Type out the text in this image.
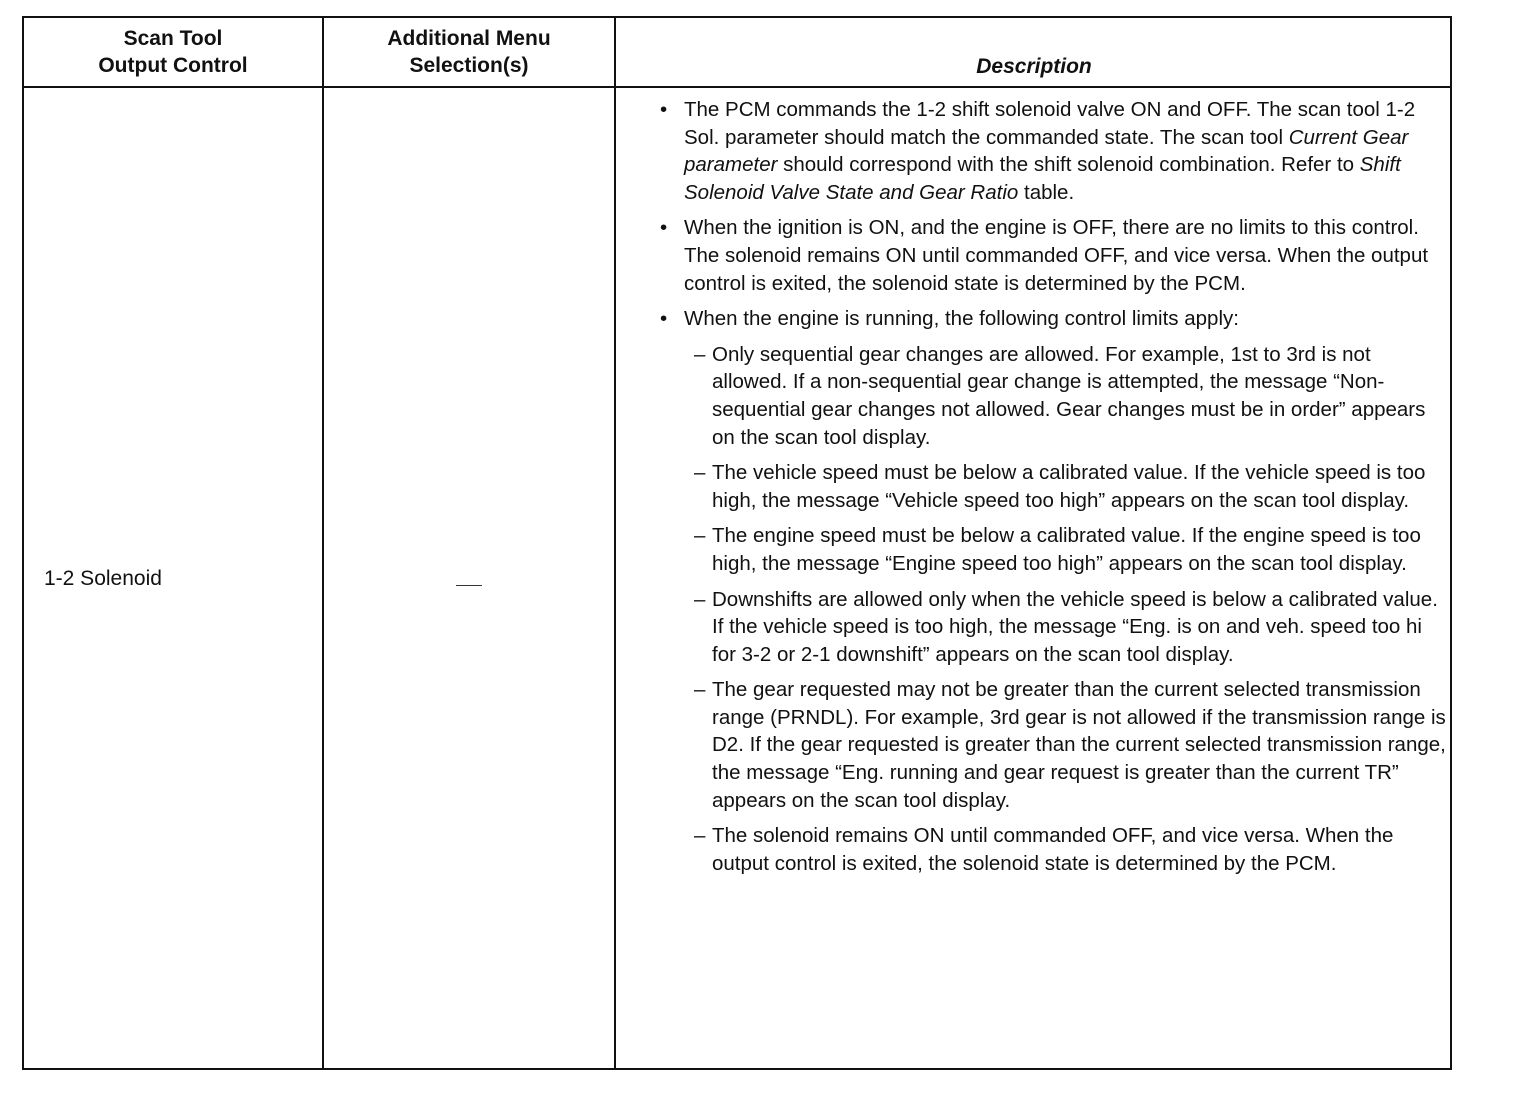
Scan Tool
Output Control
Additional Menu
Selection(s)	Description
1-2 Solenoid
• The PCM commands the 1-2 shift solenoid valve ON and OFF. The scan tool 1-2 Sol. parameter should match the commanded state. The scan tool Current Gear parameter should correspond with the shift solenoid combination. Refer to Shift Solenoid Valve State and Gear Ratio table.
• When the ignition is ON, and the engine is OFF, there are no limits to this control. The solenoid remains ON until commanded OFF, and vice versa. When the output control is exited, the solenoid state is determined by the PCM.
• When the engine is running, the following control limits apply:
– Only sequential gear changes are allowed. For example, 1st to 3rd is not allowed. If a non-sequential gear change is attempted, the message “Non-sequential gear changes not allowed. Gear changes must be in order” appears on the scan tool display.
– The vehicle speed must be below a calibrated value. If the vehicle speed is too high, the message “Vehicle speed too high” appears on the scan tool display.
– The engine speed must be below a calibrated value. If the engine speed is too high, the message “Engine speed too high” appears on the scan tool display.
– Downshifts are allowed only when the vehicle speed is below a calibrated value. If the vehicle speed is too high, the message “Eng. is on and veh. speed too hi for 3-2 or 2-1 downshift” appears on the scan tool display.
– The gear requested may not be greater than the current selected transmission range (PRNDL). For example, 3rd gear is not allowed if the transmission range is D2. If the gear requested is greater than the current selected transmission range, the message “Eng. running and gear request is greater than the current TR” appears on the scan tool display.
– The solenoid remains ON until commanded OFF, and vice versa. When the output control is exited, the solenoid state is determined by the PCM.
